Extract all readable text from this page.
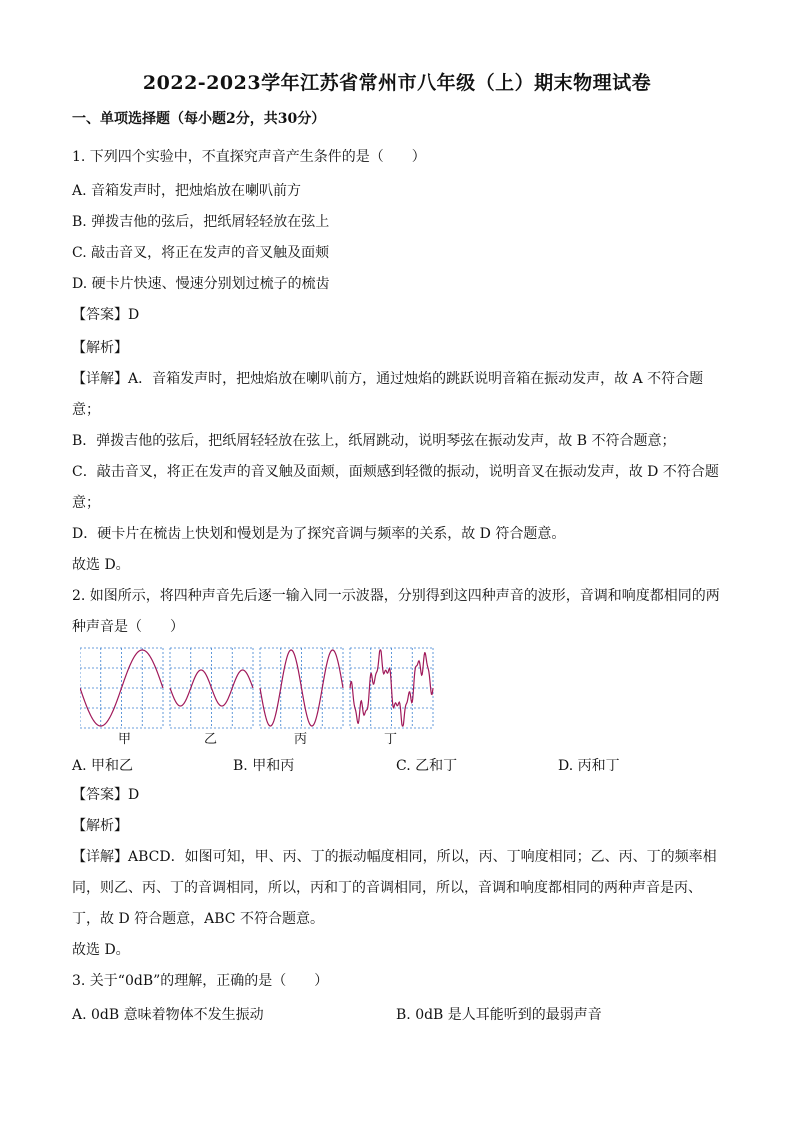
2022-2023学年江苏省常州市八年级（上）期末物理试卷
一、单项选择题（每小题2分，共30分）
1. 下列四个实验中，不直探究声音产生条件的是（　　）
A. 音箱发声时，把烛焰放在喇叭前方
B. 弹拨吉他的弦后，把纸屑轻轻放在弦上
C. 敲击音叉，将正在发声的音叉触及面颊
D. 硬卡片快速、慢速分别划过梳子的梳齿
【答案】D
【解析】
【详解】A．音箱发声时，把烛焰放在喇叭前方，通过烛焰的跳跃说明音箱在振动发声，故 A 不符合题
意；
B．弹拨吉他的弦后，把纸屑轻轻放在弦上，纸屑跳动，说明琴弦在振动发声，故 B 不符合题意；
C．敲击音叉，将正在发声的音叉触及面颊，面颊感到轻微的振动，说明音叉在振动发声，故 D 不符合题
意；
D．硬卡片在梳齿上快划和慢划是为了探究音调与频率的关系，故 D 符合题意。
故选 D。
2. 如图所示，将四种声音先后逐一输入同一示波器，分别得到这四种声音的波形，音调和响度都相同的两
种声音是（　　）
甲	乙	丙	丁
A. 甲和乙	B. 甲和丙	C. 乙和丁	D. 丙和丁
【答案】D
【解析】
【详解】ABCD．如图可知，甲、丙、丁的振动幅度相同，所以，丙、丁响度相同；乙、丙、丁的频率相
同，则乙、丙、丁的音调相同，所以，丙和丁的音调相同，所以，音调和响度都相同的两种声音是丙、
丁，故 D 符合题意，ABC 不符合题意。
故选 D。
3. 关于“0dB”的理解，正确的是（　　）
A. 0dB 意味着物体不发生振动	B. 0dB 是人耳能听到的最弱声音
